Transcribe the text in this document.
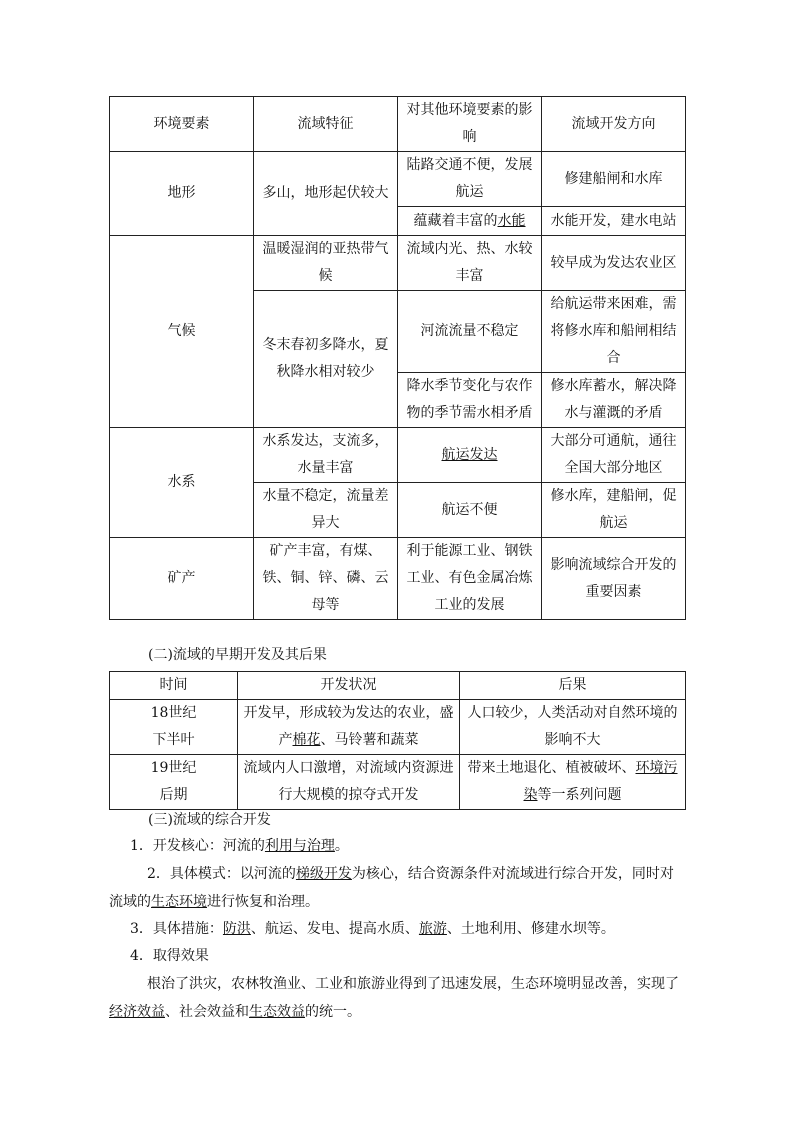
环境要素	流域特征	对其他环境要素的影响	流域开发方向
地形	多山，地形起伏较大	陆路交通不便，发展航运	修建船闸和水库
		蕴藏着丰富的水能	水能开发，建水电站
气候	温暖湿润的亚热带气候	流域内光、热、水较丰富	较早成为发达农业区
	冬末春初多降水，夏秋降水相对较少	河流流量不稳定	给航运带来困难，需将修水库和船闸相结合
		降水季节变化与农作物的季节需水相矛盾	修水库蓄水，解决降水与灌溉的矛盾

水系	水系发达，支流多，水量丰富	航运发达	大部分可通航，通往全国大部分地区
	水量不稳定，流量差异大	航运不便	修水库，建船闸，促航运
矿产	矿产丰富，有煤、铁、铜、锌、磷、云母等	利于能源工业、钢铁工业、有色金属冶炼工业的发展	影响流域综合开发的重要因素
(二)流域的早期开发及其后果
时间	开发状况	后果
18世纪下半叶	开发早，形成较为发达的农业，盛产棉花、马铃薯和蔬菜	人口较少，人类活动对自然环境的影响不大
19世纪后期	流域内人口激增，对流域内资源进行大规模的掠夺式开发	带来土地退化、植被破坏、环境污染等一系列问题
(三)流域的综合开发
1．开发核心：河流的利用与治理。
2．具体模式：以河流的梯级开发为核心，结合资源条件对流域进行综合开发，同时对流域的生态环境进行恢复和治理。
3．具体措施：防洪、航运、发电、提高水质、旅游、土地利用、修建水坝等。
4．取得效果
根治了洪灾，农林牧渔业、工业和旅游业得到了迅速发展，生态环境明显改善，实现了经济效益、社会效益和生态效益的统一。
